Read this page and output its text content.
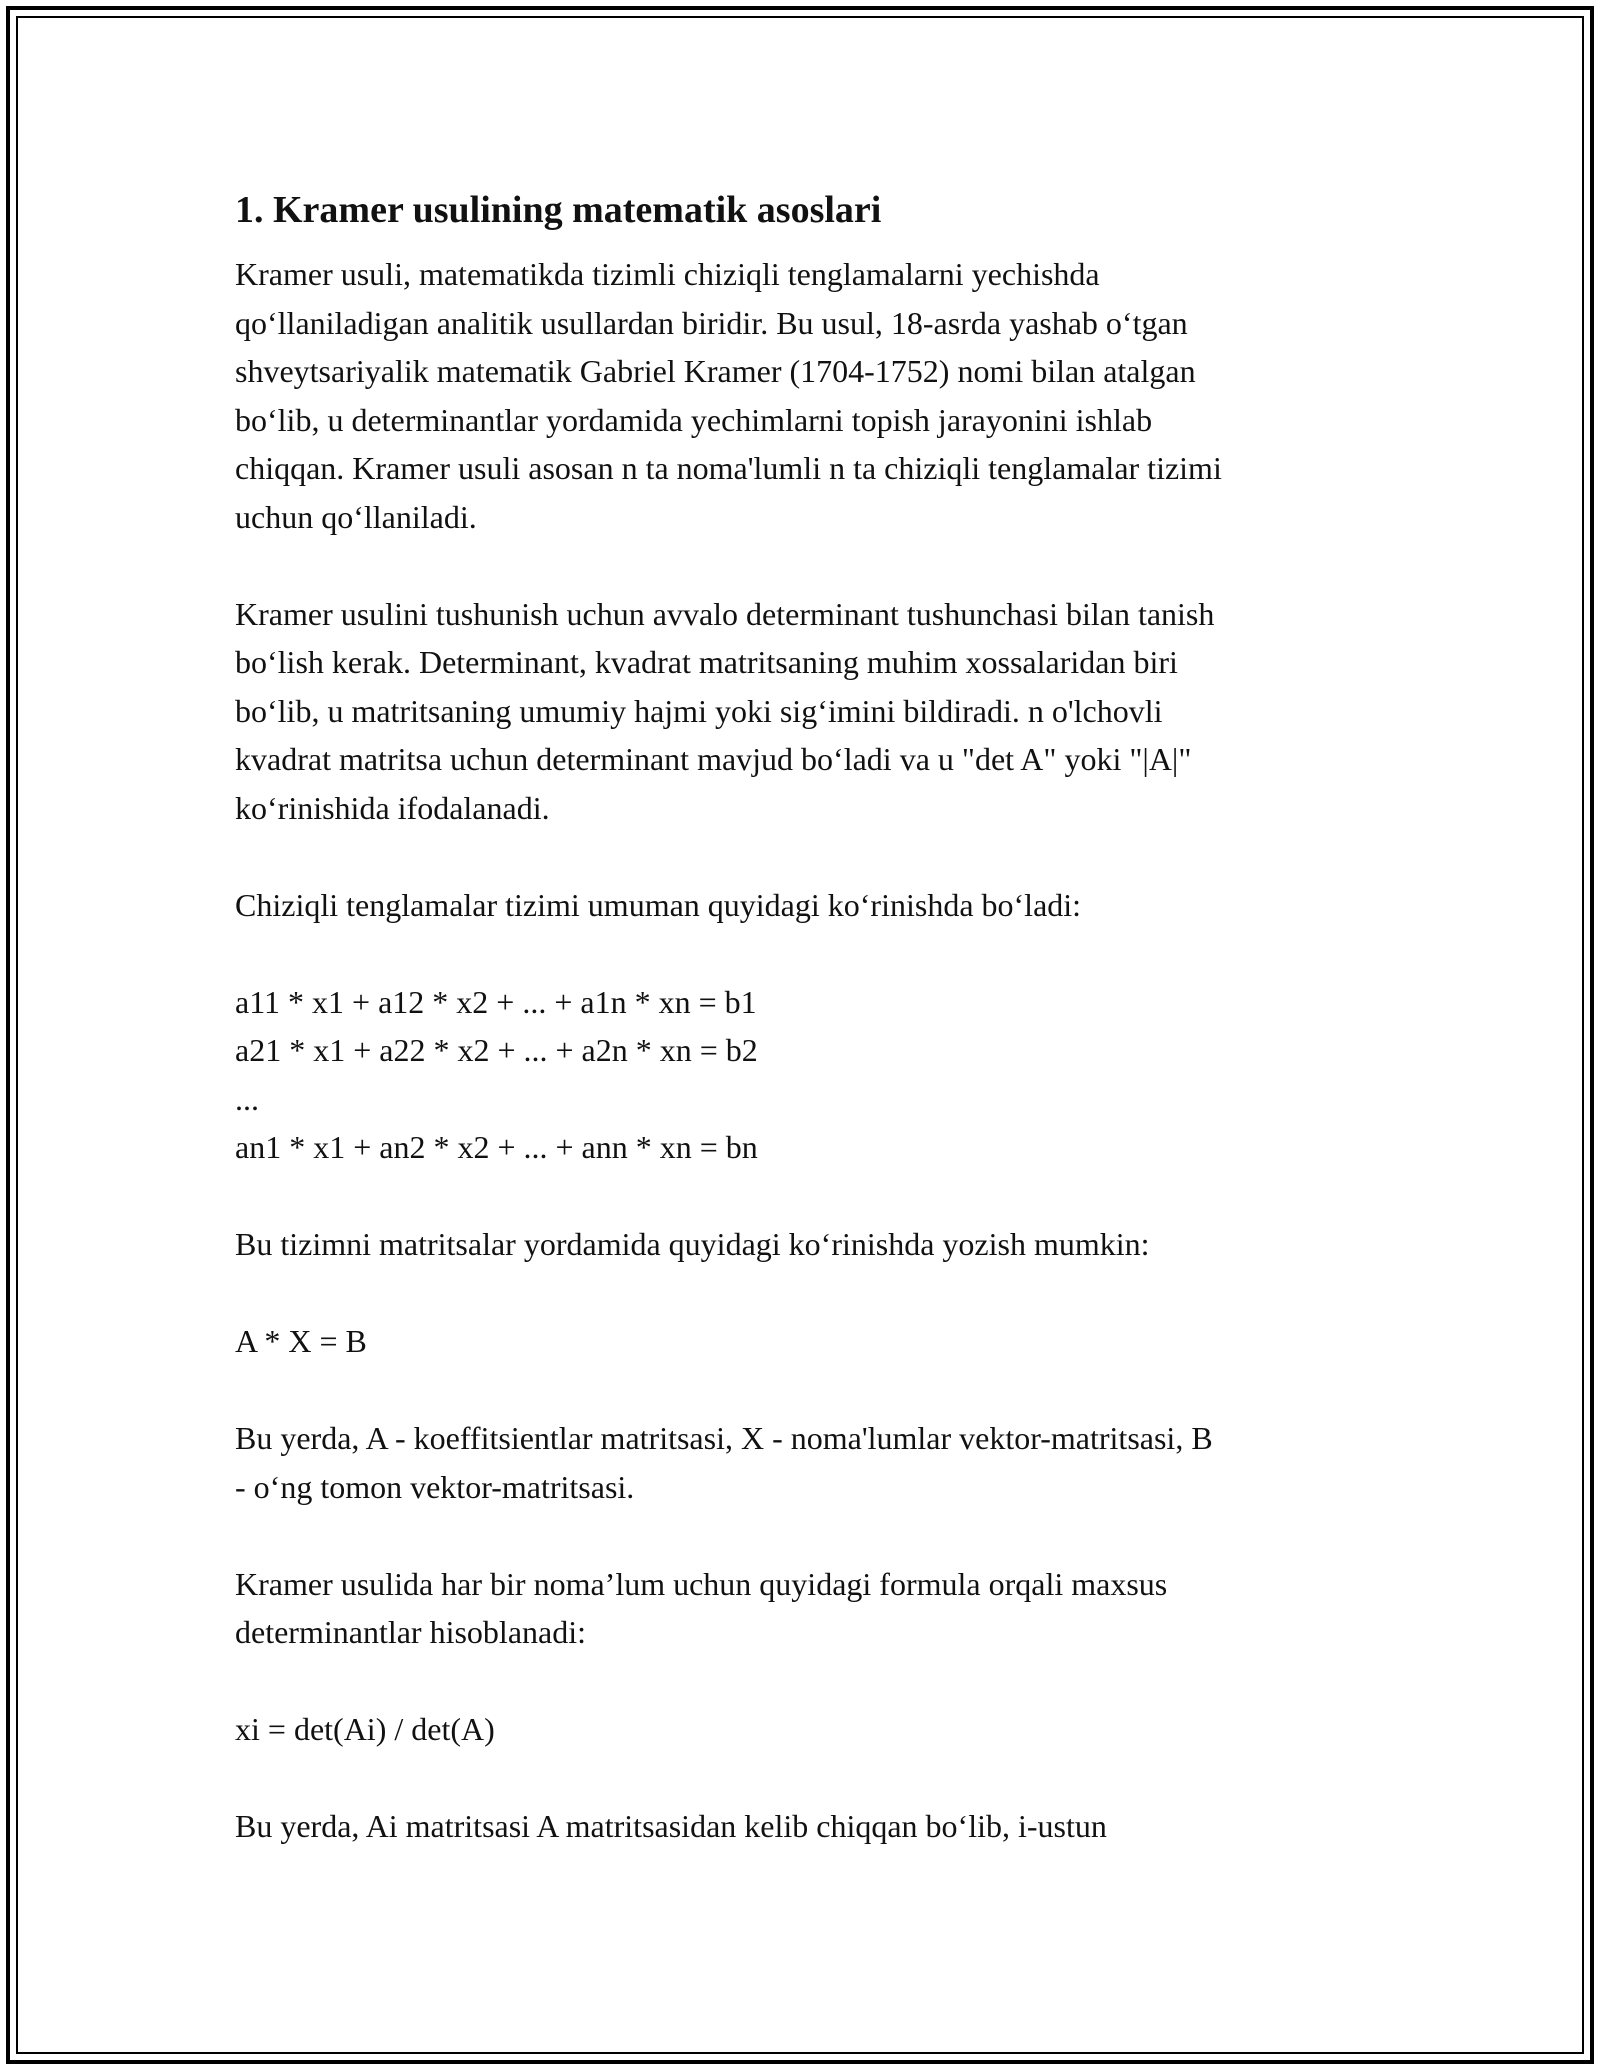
1. Kramer usulining matematik asoslari

Kramer usuli, matematikda tizimli chiziqli tenglamalarni yechishda
qo‘llaniladigan analitik usullardan biridir. Bu usul, 18-asrda yashab o‘tgan
shveytsariyalik matematik Gabriel Kramer (1704-1752) nomi bilan atalgan
bo‘lib, u determinantlar yordamida yechimlarni topish jarayonini ishlab
chiqqan. Kramer usuli asosan n ta noma'lumli n ta chiziqli tenglamalar tizimi
uchun qo‘llaniladi.

Kramer usulini tushunish uchun avvalo determinant tushunchasi bilan tanish
bo‘lish kerak. Determinant, kvadrat matritsaning muhim xossalaridan biri
bo‘lib, u matritsaning umumiy hajmi yoki sig‘imini bildiradi. n o'lchovli
kvadrat matritsa uchun determinant mavjud bo‘ladi va u "det A" yoki "|A|"
ko‘rinishida ifodalanadi.

Chiziqli tenglamalar tizimi umuman quyidagi ko‘rinishda bo‘ladi:

a11 * x1 + a12 * x2 + ... + a1n * xn = b1
a21 * x1 + a22 * x2 + ... + a2n * xn = b2
...
an1 * x1 + an2 * x2 + ... + ann * xn = bn

Bu tizimni matritsalar yordamida quyidagi ko‘rinishda yozish mumkin:

A * X = B

Bu yerda, A - koeffitsientlar matritsasi, X - noma'lumlar vektor-matritsasi, B
- o‘ng tomon vektor-matritsasi.

Kramer usulida har bir noma’lum uchun quyidagi formula orqali maxsus
determinantlar hisoblanadi:

xi = det(Ai) / det(A)

Bu yerda, Ai matritsasi A matritsasidan kelib chiqqan bo‘lib, i-ustun
